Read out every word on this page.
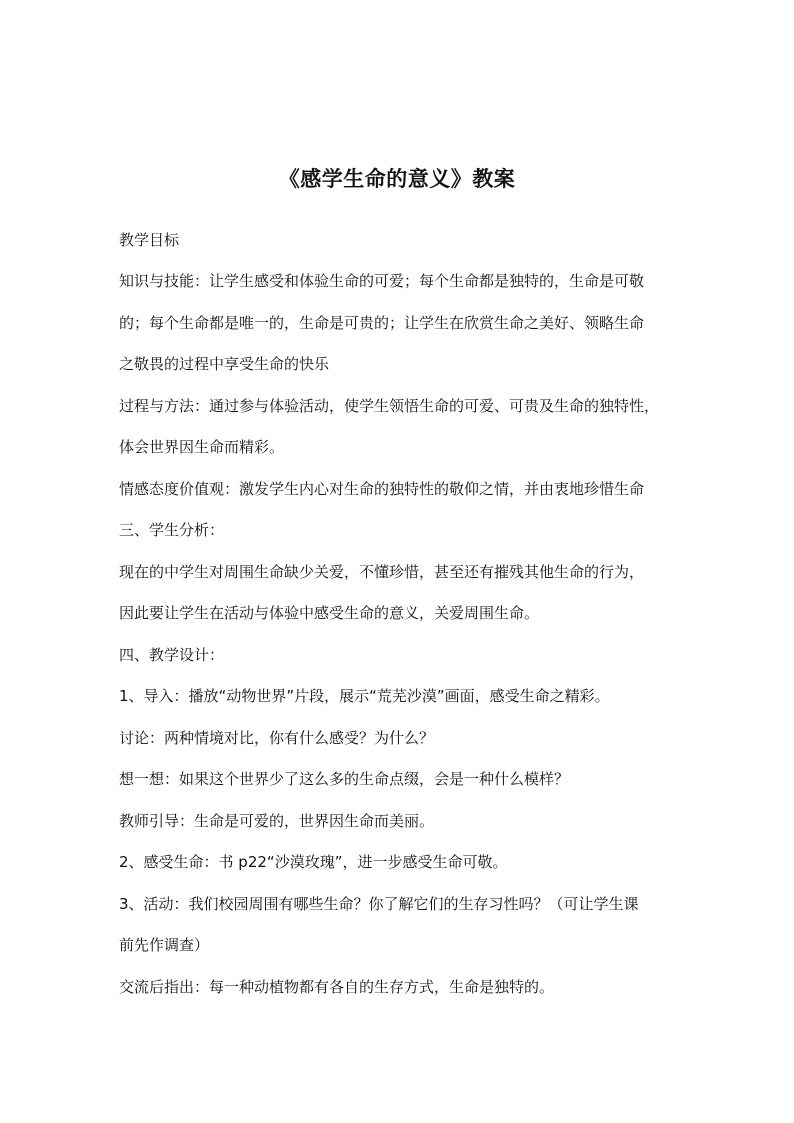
《感学生命的意义》教案
教学目标
知识与技能：让学生感受和体验生命的可爱；每个生命都是独特的，生命是可敬
的；每个生命都是唯一的，生命是可贵的；让学生在欣赏生命之美好、领略生命
之敬畏的过程中享受生命的快乐
过程与方法：通过参与体验活动，使学生领悟生命的可爱、可贵及生命的独特性，
体会世界因生命而精彩。
情感态度价值观：激发学生内心对生命的独特性的敬仰之情，并由衷地珍惜生命
三、学生分析：
现在的中学生对周围生命缺少关爱，不懂珍惜，甚至还有摧残其他生命的行为，
因此要让学生在活动与体验中感受生命的意义，关爱周围生命。
四、教学设计：
1、导入：播放“动物世界”片段，展示“荒芜沙漠”画面，感受生命之精彩。
讨论：两种情境对比，你有什么感受？为什么？
想一想：如果这个世界少了这么多的生命点缀，会是一种什么模样？
教师引导：生命是可爱的，世界因生命而美丽。
2、感受生命：书 p22“沙漠玫瑰”，进一步感受生命可敬。
3、活动：我们校园周围有哪些生命？你了解它们的生存习性吗？（可让学生课
前先作调查）
交流后指出：每一种动植物都有各自的生存方式，生命是独特的。
